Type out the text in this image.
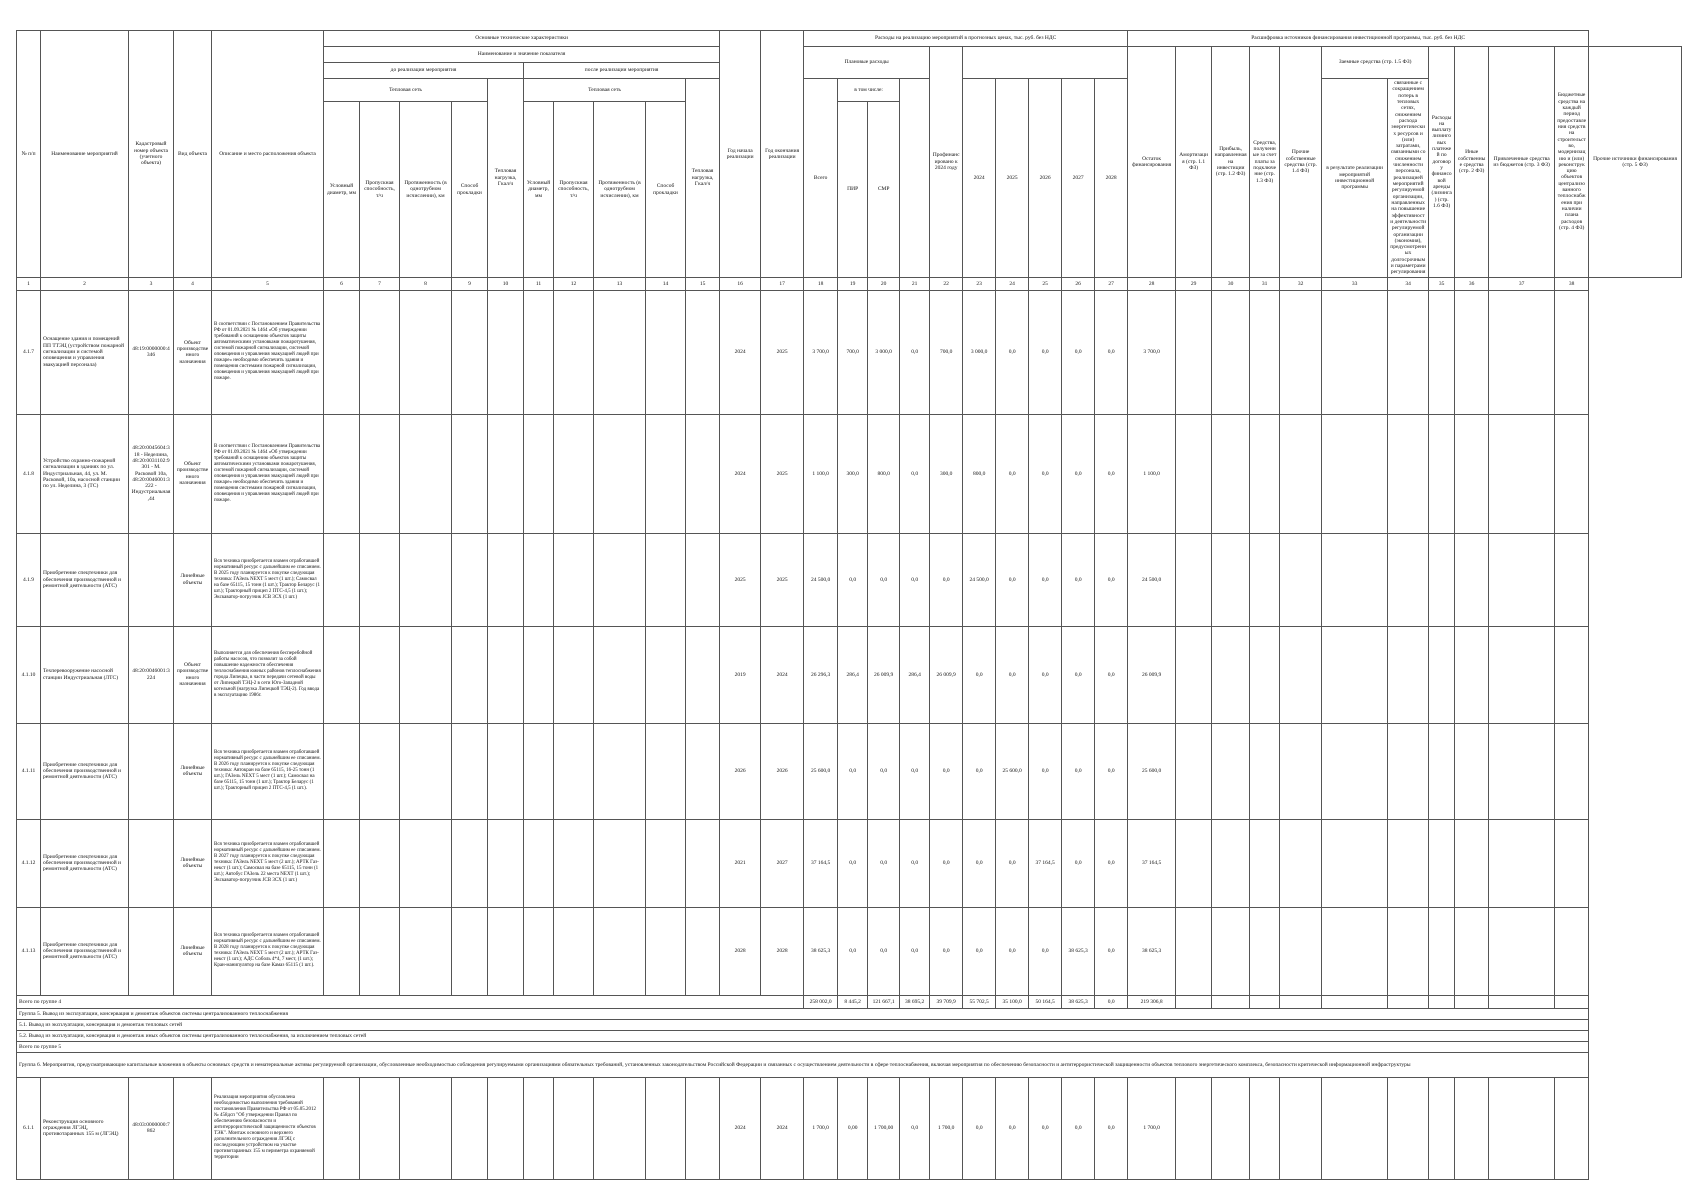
№ п/п	Наименование мероприятий	Кадастровый номер объекта (учетного объекта)	Вид объекта	Описание и место расположения объекта	Основные технические характеристики										Год начала реализации	Год окончания реализации	Расходы на реализацию мероприятий в прогнозных ценах, тыс. руб. без НДС										Расшифровка источников финансирования инвестиционной программы, тыс. руб. без НДС											
					Наименование и значение показателя												Плановые расходы				Профинансировано к 2024 году						Остаток финансирования	Амортизация (стр. 1.1 ФЗ)	Прибыль, направленная на инвестиции (стр. 1.2 ФЗ)	Средства, полученные за счет платы за подключение (стр. 1.3 ФЗ)	Прочие собственные средства (стр. 1.4 ФЗ)	Заемные средства (стр. 1.5 ФЗ)		Расходы на выплату лизинговых платежей по договору финансовой аренды (лизинга) (стр. 1.6 ФЗ)	Иные собственные средства (стр. 2 ФЗ)	Привлеченные средства из бюджетов (стр. 3 ФЗ)	Бюджетные средства на каждый период предоставления средств на строительство, модернизацию и (или) реконструкцию объектов централизованного теплоснабжения при наличии плана расходов (стр. 4 ФЗ)	Прочие источники финансирования (стр. 5 ФЗ)
					до реализации мероприятия					после реализации мероприятия																												
					Тепловая сеть				Тепловая нагрузка, Гкал/ч	Тепловая сеть				Тепловая нагрузка, Гкал/ч			Всего	в том числе:				2024	2025	2026	2027	2028						в результате реализации мероприятий инвестиционной программы	связанные с сокращением потерь в тепловых сетях, снижением расхода энергетических ресурсов и (или) затратами, связанными со снижением численности персонала, реализацией мероприятий регулируемой организации, направленных на повышение эффективности деятельности регулируемой организации (экономия), предусмотренных долгосрочными параметрами регулирования					
					Условный диаметр, мм	Пропускная способность, т/ч	Протяженность (в однотрубном исчислении), км	Способ прокладки		Условный диаметр, мм	Пропускная способность, т/ч	Протяженность (в однотрубном исчислении), км	Способ прокладки					ПИР	СМР																			
1	2	3	4	5	6	7	8	9	10	11	12	13	14	15	16	17	18	19	20	21	22	23	24	25	26	27	28	29	30	31	32	33	34	35	36	37	38	
4.1.7	Оснащение здания и помещений ПП ТТЭЦ (устройством пожарной сигнализации и системой оповещения и управления эвакуацией персонала)	48:19:0000000:4346	Объект производственного назначения	В соответствии с Постановлением Правительства РФ от 01.09.2021 № 1464 «Об утверждении требований к оснащению объектов защиты автоматическими установками пожаротушения, системой пожарной сигнализации, системой оповещения и управления эвакуацией людей при пожаре» необходимо обеспечить здания и помещения системами пожарной сигнализации, оповещения и управления эвакуацией людей при пожаре.											2024	2025	3 700,0	700,0	3 000,0	0,0	700,0	3 000,0	0,0	0,0	0,0	0,0	3 700,0											
4.1.8	Устройство охранно-пожарной сигнализации в зданиях по ул. Индустриальная, 44, ул. М. Расковой, 10а, насосной станции по ул. Неделина, 3 (ТС)	48:20:0045604:318 - Неделина, 48:20:0031102:9301 - М. Расковой 10а, 48:20:0046001:3222 - Индустриальная,44	Объект производственного назначения	В соответствии с Постановлением Правительства РФ от 01.09.2021 № 1464 «Об утверждении требований к оснащению объектов защиты автоматическими установками пожаротушения, системой пожарной сигнализации, системой оповещения и управления эвакуацией людей при пожаре» необходимо обеспечить здания и помещения системами пожарной сигнализации, оповещения и управления эвакуацией людей при пожаре.											2024	2025	1 100,0	300,0	800,0	0,0	300,0	800,0	0,0	0,0	0,0	0,0	1 100,0											
4.1.9	Приобретение спецтехники для обеспечения производственной и ремонтной деятельности (АТС)		Линейные объекты	Вся техника приобретается взамен отработавшей нормативный ресурс с дальнейшим ее списанием. В 2025 году планируется к покупке следующая техника: ГАЗель NEXT 5 мест (1 шт.); Самосвал на базе 65115, 15 тонн (1 шт.); Трактор Беларус (1 шт.); Тракторный прицеп 2 ПТС-4,5 (1 шт.); Экскаватор-погрузчик JCB 3CX (1 шт.)											2025	2025	24 500,0	0,0	0,0	0,0	0,0	24 500,0	0,0	0,0	0,0	0,0	24 500,0											
4.1.10	Техперевооружение насосной станции Индустриальная (ЛТС)	48:20:0046001:3224	Объект производственного назначения	Выполняется для обеспечения бесперебойной работы насосов, что позволит за собой повышение надежности обеспечения теплоснабжения южных районов теплоснабжения города Липецка, в части передачи сетевой воды от Липецкой ТЭЦ-2 в сети Юго-Западной котельной (нагрузка Липецкой ТЭЦ-2). Год ввода в эксплуатацию 1986г.											2019	2024	26 296,3	286,4	26 009,9	286,4	26 009,9	0,0	0,0	0,0	0,0	0,0	26 009,9											
4.1.11	Приобретение спецтехники для обеспечения производственной и ремонтной деятельности (АТС)		Линейные объекты	Вся техника приобретается взамен отработавшей нормативный ресурс с дальнейшим ее списанием. В 2026 году планируется к покупке следующая техника: Автокран на базе 65115, 16-25 тонн (1 шт.); ГАЗель NEXT 5 мест (1 шт.); Самосвал на базе 65115, 15 тонн (1 шт.); Трактор Беларус (1 шт.); Тракторный прицеп 2 ПТС-4,5 (1 шт.).											2026	2026	25 600,0	0,0	0,0	0,0	0,0	0,0	25 600,0	0,0	0,0	0,0	25 600,0											
4.1.12	Приобретение спецтехники для обеспечения производственной и ремонтной деятельности (АТС)		Линейные объекты	Вся техника приобретается взамен отработавшей нормативный ресурс с дальнейшим ее списанием. В 2027 году планируется к покупке следующая техника: ГАЗель NEXT 5 мест (2 шт.); АРТК Газ-некст (1 шт.); Самосвал на базе 65115, 15 тонн (1 шт.); Автобус ГАЗель 22 места NEXT (1 шт.); Экскаватор-погрузчик JCB 3CX (1 шт.)											2021	2027	37 164,5	0,0	0,0	0,0	0,0	0,0	0,0	37 164,5	0,0	0,0	37 164,5											
4.1.13	Приобретение спецтехники для обеспечения производственной и ремонтной деятельности (АТС)		Линейные объекты	Вся техника приобретается взамен отработавшей нормативный ресурс с дальнейшим ее списанием. В 2028 году планируется к покупке следующая техника: ГАЗель NEXT 5 мест (2 шт.); АРТК Газ-некст (1 шт.); АДС Соболь 4*4, 7 мест, (1 шт.); Кран-манипулятор на базе Камаз 65115 (1 шт.).											2028	2028	38 625,3	0,0	0,0	0,0	0,0	0,0	0,0	0,0	38 625,3	0,0	38 625,3											
Всего по группе 4																	258 002,0	8 445,2	121 667,1	38 695,2	39 709,9	55 702,5	35 100,0	50 164,5	38 625,3	0,0	219 306,8											
Группа 5. Вывод из эксплуатации, консервация и демонтаж объектов системы централизованного теплоснабжения																																						
5.1. Вывод из эксплуатации, консервация и демонтаж тепловых сетей																																						
5.2. Вывод из эксплуатации, консервация и демонтаж иных объектов системы централизованного теплоснабжения, за исключением тепловых сетей																																						
Всего по группе 5																																						
Группа 6. Мероприятия, предусматривающие капитальные вложения в объекты основных средств и нематериальные активы регулируемой организации, обусловленные необходимостью соблюдения регулируемыми организациями обязательных требований, установленных законодательством Российской Федерации и связанных с осуществлением деятельности в сфере теплоснабжения, включая мероприятия по обеспечению безопасности и антитеррористической защищенности объектов теплового энергетического комплекса, безопасности критической информационной инфраструктуры																																						
6.1.1	Реконструкция основного ограждения ЛГЭЦ, противотаранных 155 м (ЛГЭЦ)	48:03:0000000:7862		Реализация мероприятия обусловлена необходимостью выполнения требований постановления Правительства РФ от 05.05.2012 № 458дсп "Об утверждении Правил по обеспечению безопасности и антитеррористической защищенности объектов ТЭК". Монтаж основного и верхнего дополнительного ограждения ЛГЭЦ с последующим устройством на участке противотаранных 155 м периметра охраняемой территории											2024	2024	1 700,0	0,00	1 700,00	0,0	1 700,0	0,0	0,0	0,0	0,0	0,0	1 700,0											
